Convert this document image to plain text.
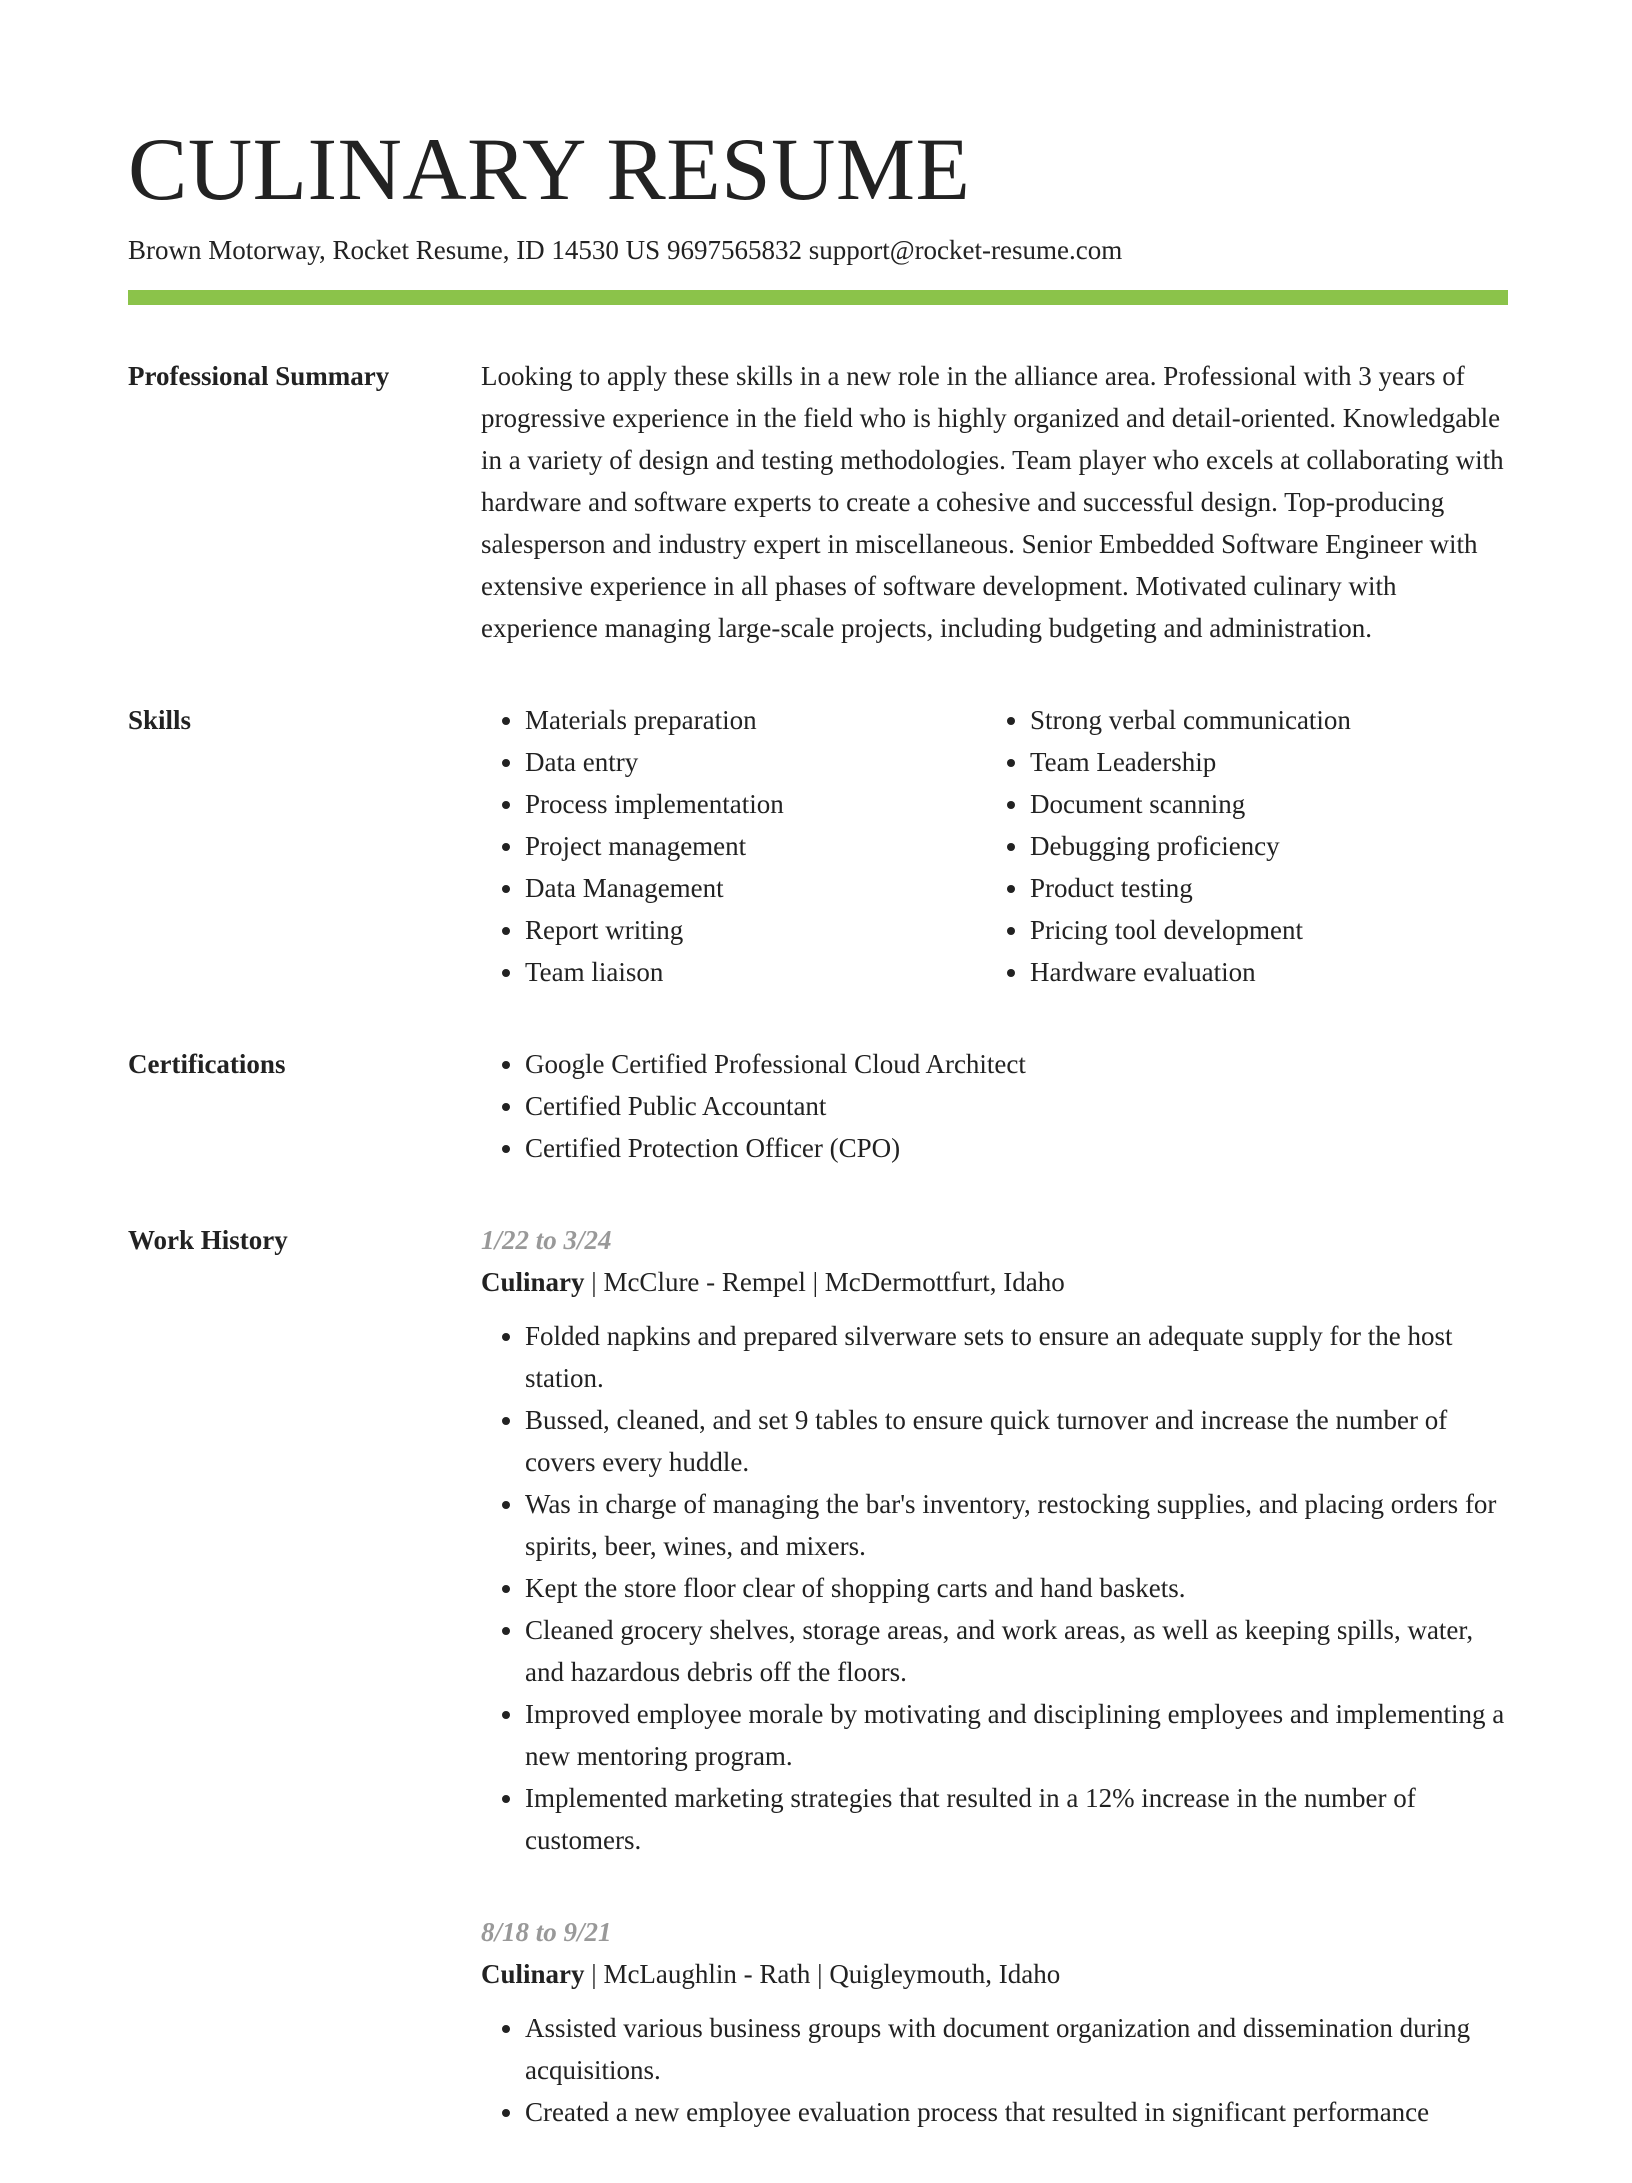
CULINARY RESUME
Brown Motorway, Rocket Resume, ID 14530 US 9697565832 support@rocket-resume.com
Professional Summary	Looking to apply these skills in a new role in the alliance area. Professional with 3 years of progressive experience in the field who is highly organized and detail-oriented. Knowledgable in a variety of design and testing methodologies. Team player who excels at collaborating with hardware and software experts to create a cohesive and successful design. Top-producing salesperson and industry expert in miscellaneous. Senior Embedded Software Engineer with extensive experience in all phases of software development. Motivated culinary with experience managing large-scale projects, including budgeting and administration.

Skills	• Materials preparation
• Data entry
• Process implementation
• Project management
• Data Management
• Report writing
• Team liaison
• Strong verbal communication
• Team Leadership
• Document scanning
• Debugging proficiency
• Product testing
• Pricing tool development
• Hardware evaluation
Certifications	• Google Certified Professional Cloud Architect
• Certified Public Accountant
• Certified Protection Officer (CPO)
Work History	1/22 to 3/24
Culinary | McClure - Rempel | McDermottfurt, Idaho
• Folded napkins and prepared silverware sets to ensure an adequate supply for the host station.
• Bussed, cleaned, and set 9 tables to ensure quick turnover and increase the number of covers every huddle.
• Was in charge of managing the bar's inventory, restocking supplies, and placing orders for spirits, beer, wines, and mixers.
• Kept the store floor clear of shopping carts and hand baskets.
• Cleaned grocery shelves, storage areas, and work areas, as well as keeping spills, water, and hazardous debris off the floors.
• Improved employee morale by motivating and disciplining employees and implementing a new mentoring program.
• Implemented marketing strategies that resulted in a 12% increase in the number of customers.
8/18 to 9/21
Culinary | McLaughlin - Rath | Quigleymouth, Idaho
• Assisted various business groups with document organization and dissemination during acquisitions.
• Created a new employee evaluation process that resulted in significant performance
